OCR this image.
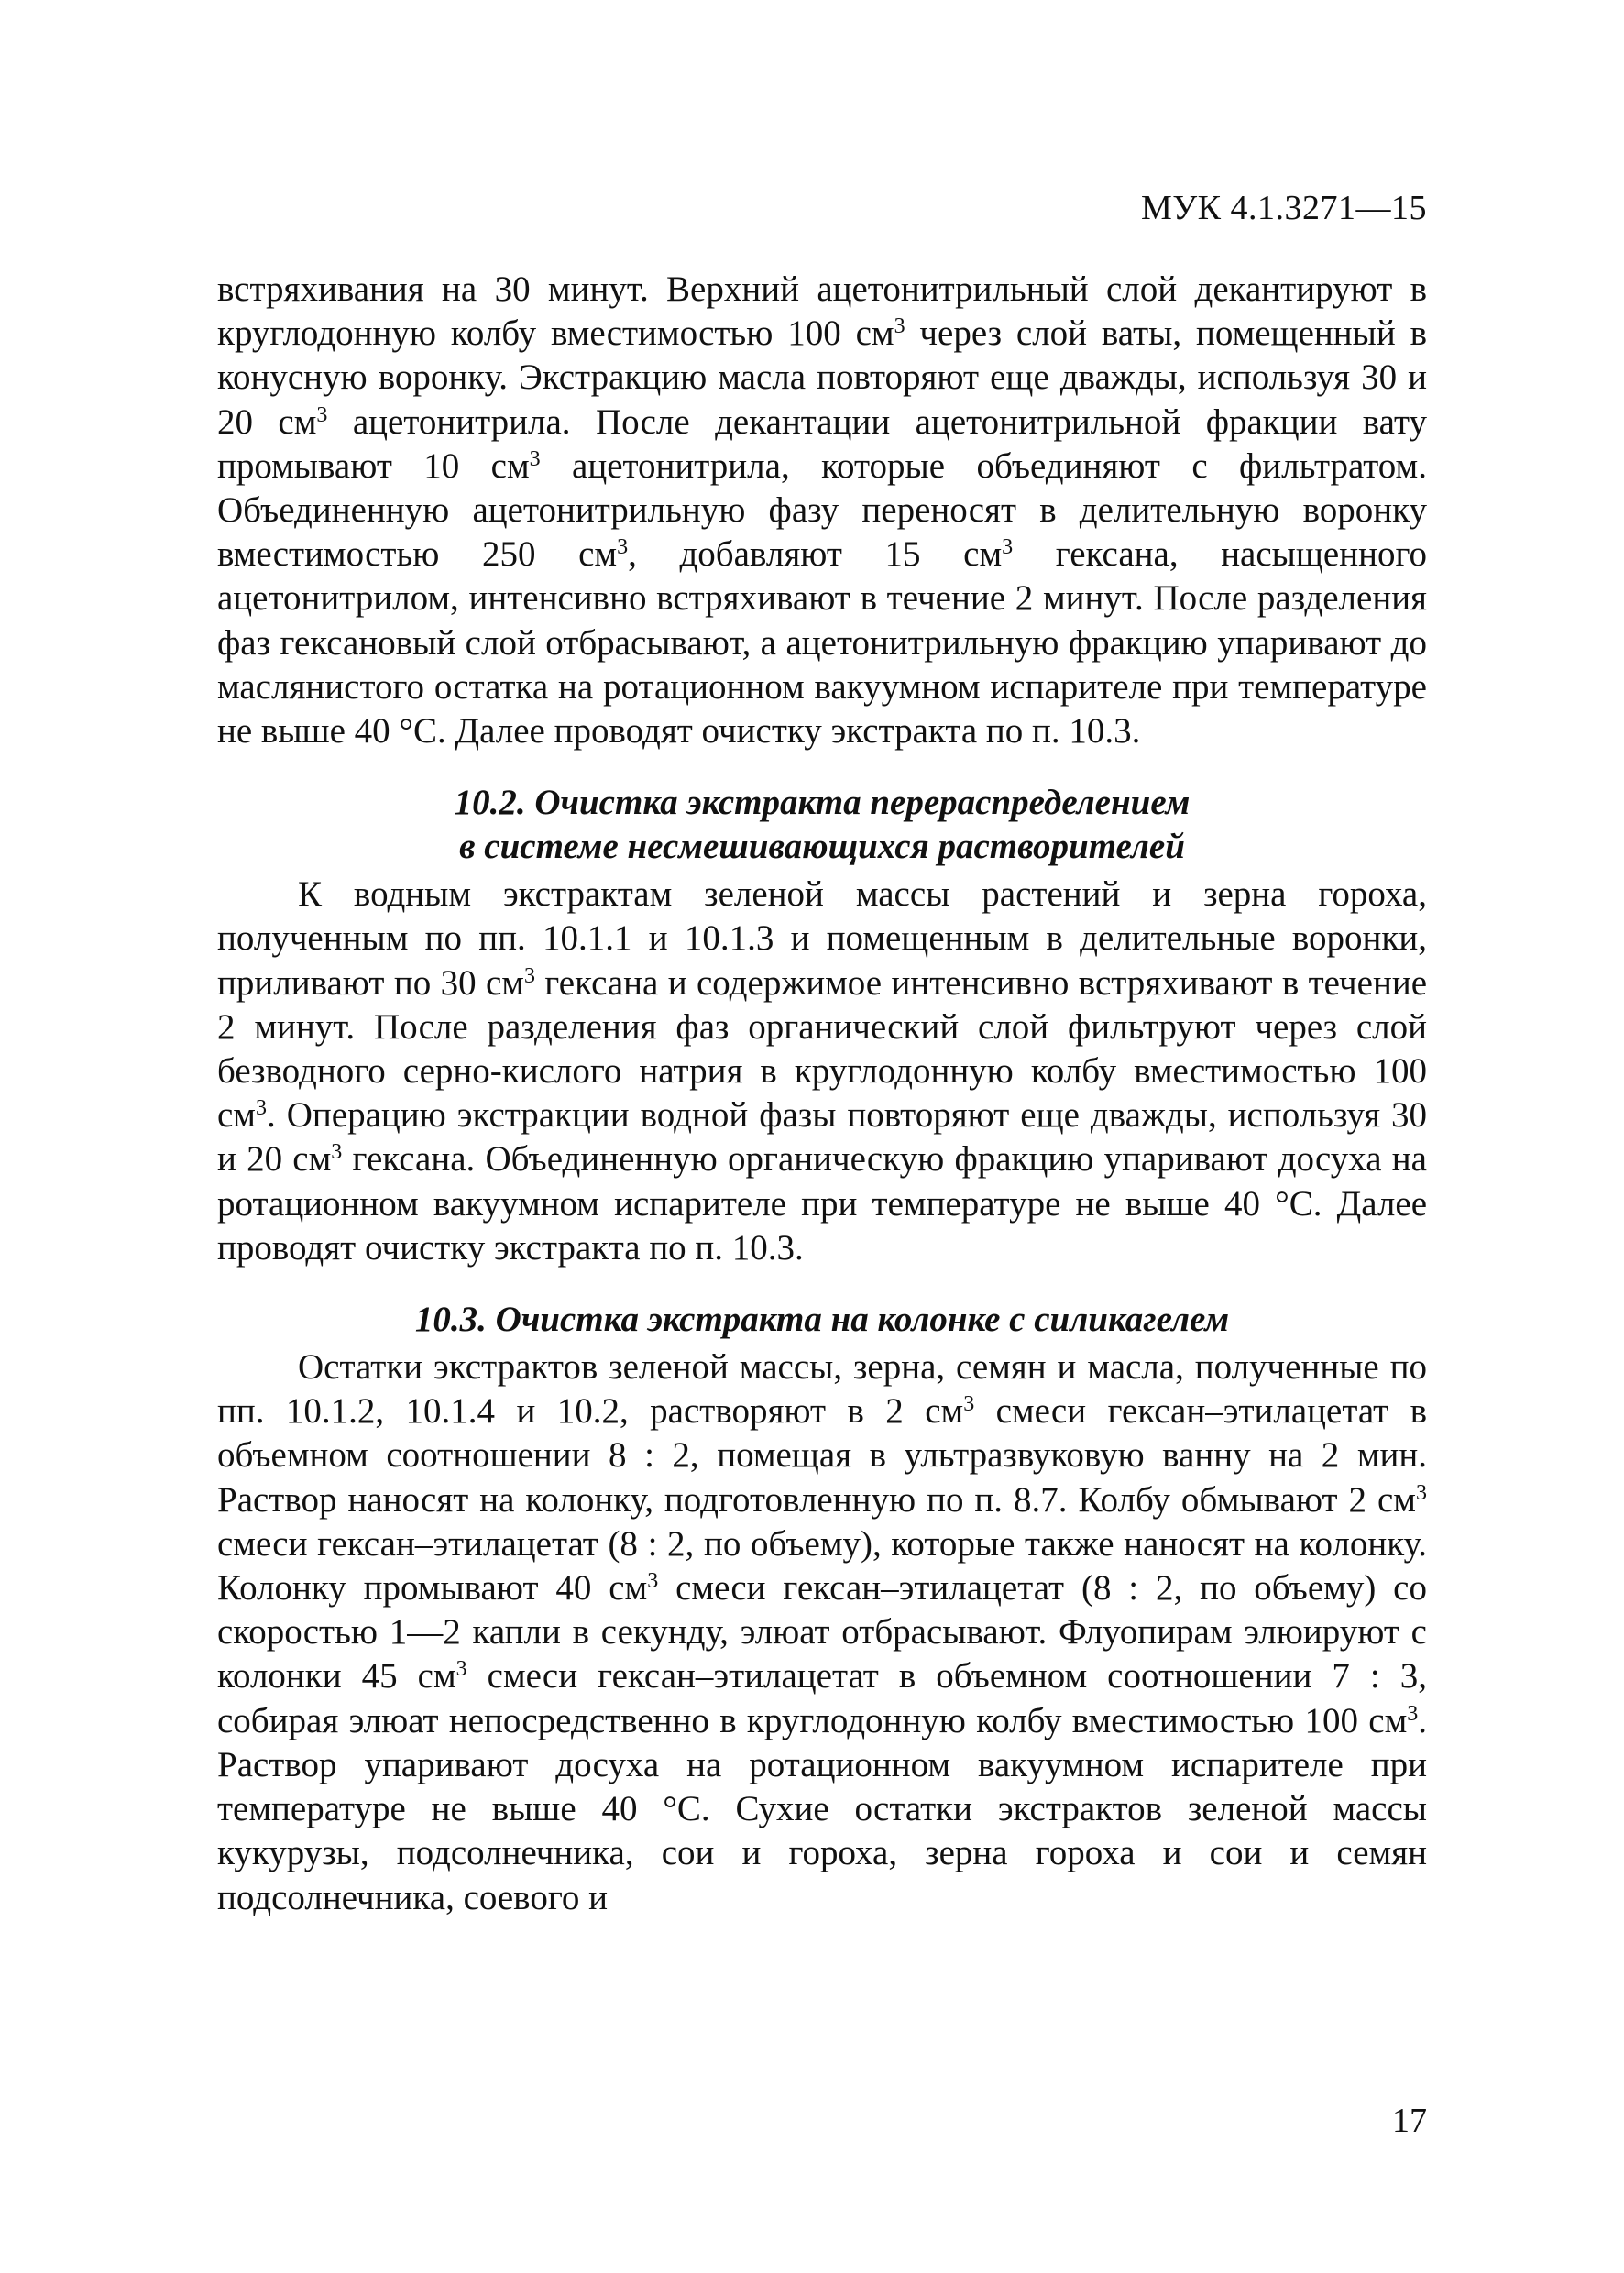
МУК 4.1.3271—15

встряхивания на 30 минут. Верхний ацетонитрильный слой декантируют в круглодонную колбу вместимостью 100 $см^3$ через слой ваты, помещенный в конусную воронку. Экстракцию масла повторяют еще дважды, используя 30 и 20 $см^3$ ацетонитрила. После декантации ацетонитрильной фракции вату промывают 10 $см^3$ ацетонитрила, которые объединяют с фильтратом. Объединенную ацетонитрильную фазу переносят в делительную воронку вместимостью 250 $см^3$, добавляют 15 $см^3$ гексана, насыщенного ацетонитрилом, интенсивно встряхивают в течение 2 минут. После разделения фаз гексановый слой отбрасывают, а ацетонитрильную фракцию упаривают до маслянистого остатка на ротационном вакуумном испарителе при температуре не выше 40 °С. Далее проводят очистку экстракта по п. 10.3.

10.2. Очистка экстракта перераспределением
в системе несмешивающихся растворителей

К водным экстрактам зеленой массы растений и зерна гороха, полученным по пп. 10.1.1 и 10.1.3 и помещенным в делительные воронки, приливают по 30 $см^3$ гексана и содержимое интенсивно встряхивают в течение 2 минут. После разделения фаз органический слой фильтруют через слой безводного серно-кислого натрия в круглодонную колбу вместимостью 100 $см^3$. Операцию экстракции водной фазы повторяют еще дважды, используя 30 и 20 $см^3$ гексана. Объединенную органическую фракцию упаривают досуха на ротационном вакуумном испарителе при температуре не выше 40 °С. Далее проводят очистку экстракта по п. 10.3.

10.3. Очистка экстракта на колонке с силикагелем

Остатки экстрактов зеленой массы, зерна, семян и масла, полученные по пп. 10.1.2, 10.1.4 и 10.2, растворяют в 2 $см^3$ смеси гексан–этилацетат в объемном соотношении 8 : 2, помещая в ультразвуковую ванну на 2 мин. Раствор наносят на колонку, подготовленную по п. 8.7. Колбу обмывают 2 $см^3$ смеси гексан–этилацетат (8 : 2, по объему), которые также наносят на колонку. Колонку промывают 40 $см^3$ смеси гексан–этилацетат (8 : 2, по объему) со скоростью 1—2 капли в секунду, элюат отбрасывают. Флуопирам элюируют с колонки 45 $см^3$ смеси гексан–этилацетат в объемном соотношении 7 : 3, собирая элюат непосредственно в круглодонную колбу вместимостью 100 $см^3$. Раствор упаривают досуха на ротационном вакуумном испарителе при температуре не выше 40 °С. Сухие остатки экстрактов зеленой массы кукурузы, подсолнечника, сои и гороха, зерна гороха и сои и семян подсолнечника, соевого и

17
